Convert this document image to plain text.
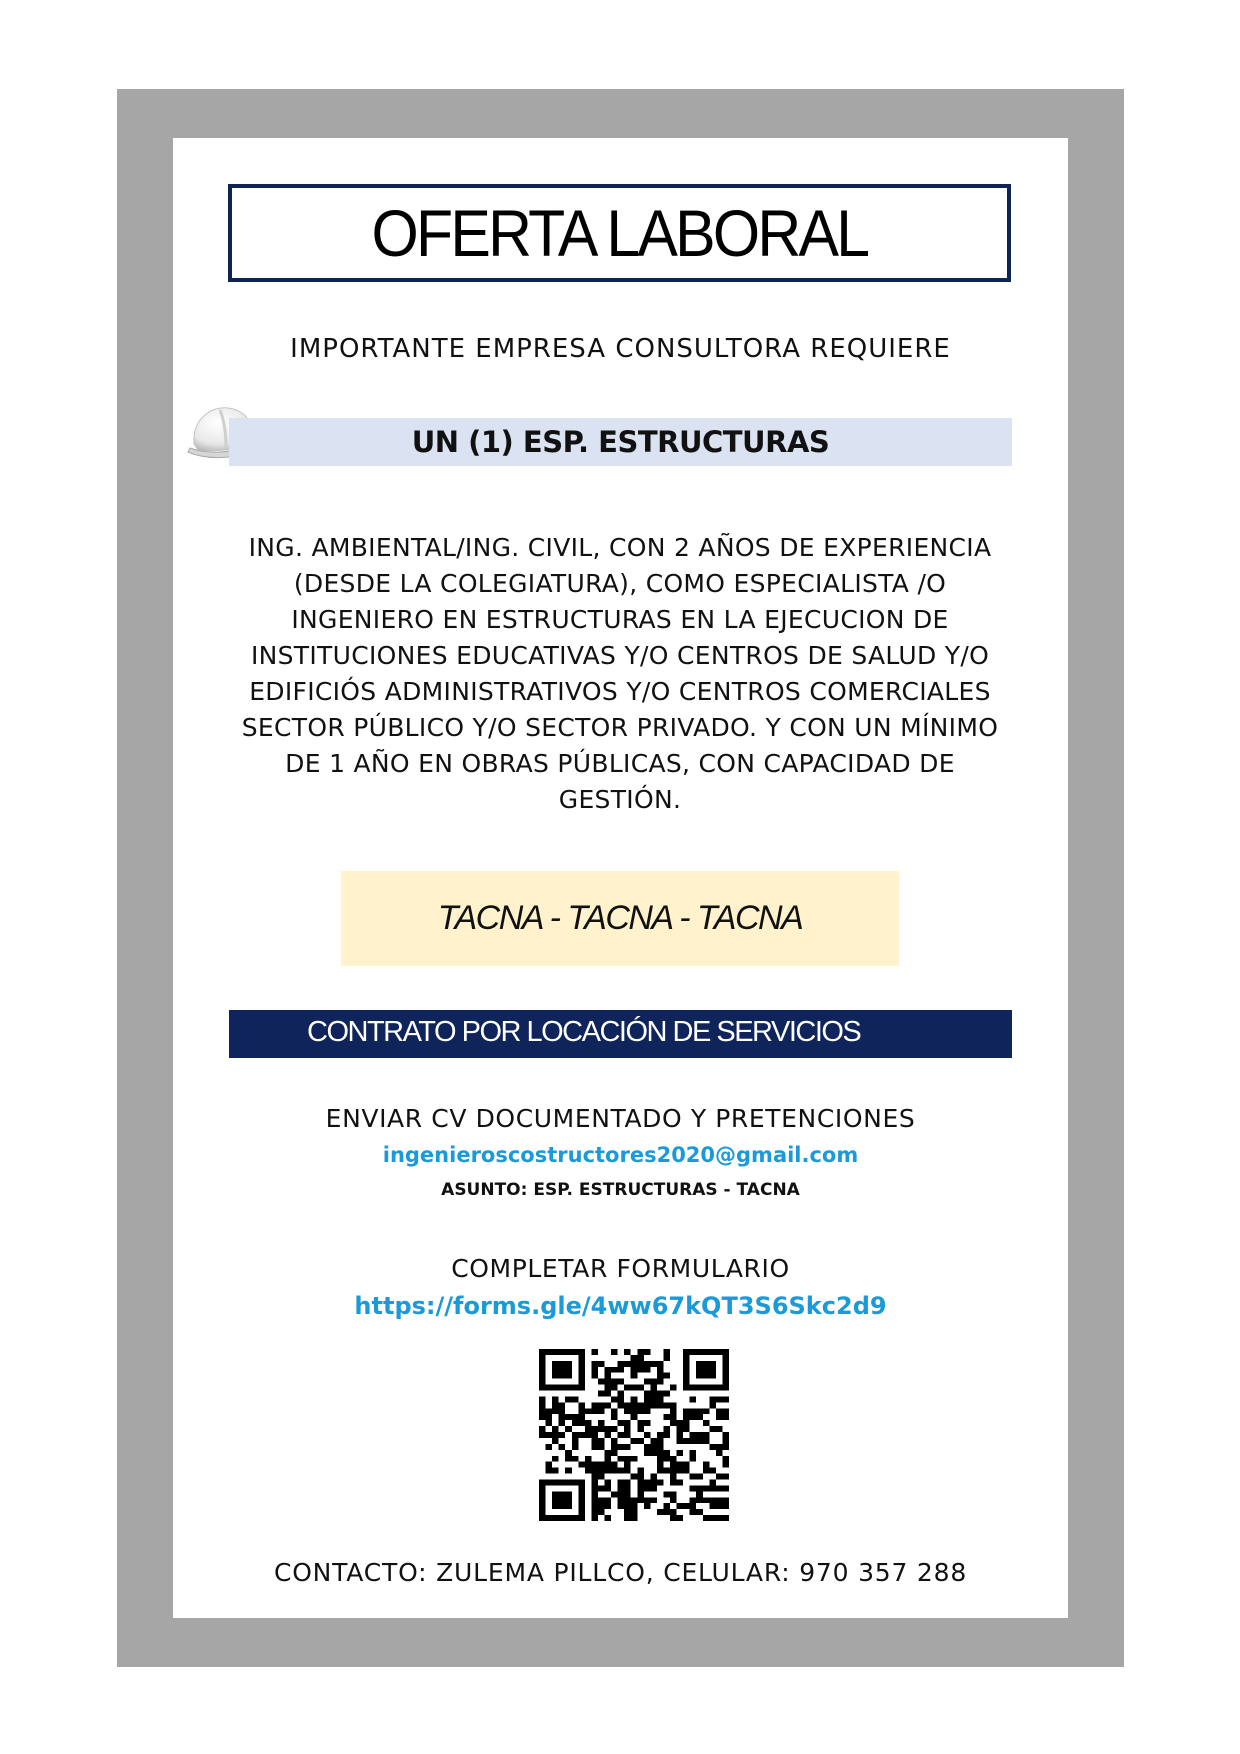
OFERTA LABORAL
IMPORTANTE EMPRESA CONSULTORA REQUIERE
UN (1) ESP. ESTRUCTURAS
ING. AMBIENTAL/ING. CIVIL, CON 2 AÑOS DE EXPERIENCIA
(DESDE LA COLEGIATURA), COMO ESPECIALISTA /O
INGENIERO EN ESTRUCTURAS EN LA EJECUCION DE
INSTITUCIONES EDUCATIVAS Y/O CENTROS DE SALUD Y/O
EDIFICIÓS ADMINISTRATIVOS Y/O CENTROS COMERCIALES
SECTOR PÚBLICO Y/O SECTOR PRIVADO. Y CON UN MÍNIMO
DE 1 AÑO EN OBRAS PÚBLICAS, CON CAPACIDAD DE
GESTIÓN.
TACNA - TACNA - TACNA
CONTRATO POR LOCACIÓN DE SERVICIOS
ENVIAR CV DOCUMENTADO Y PRETENCIONES
ingenieroscostructores2020@gmail.com
ASUNTO: ESP. ESTRUCTURAS - TACNA
COMPLETAR FORMULARIO
https://forms.gle/4ww67kQT3S6Skc2d9
CONTACTO: ZULEMA PILLCO, CELULAR: 970 357 288
